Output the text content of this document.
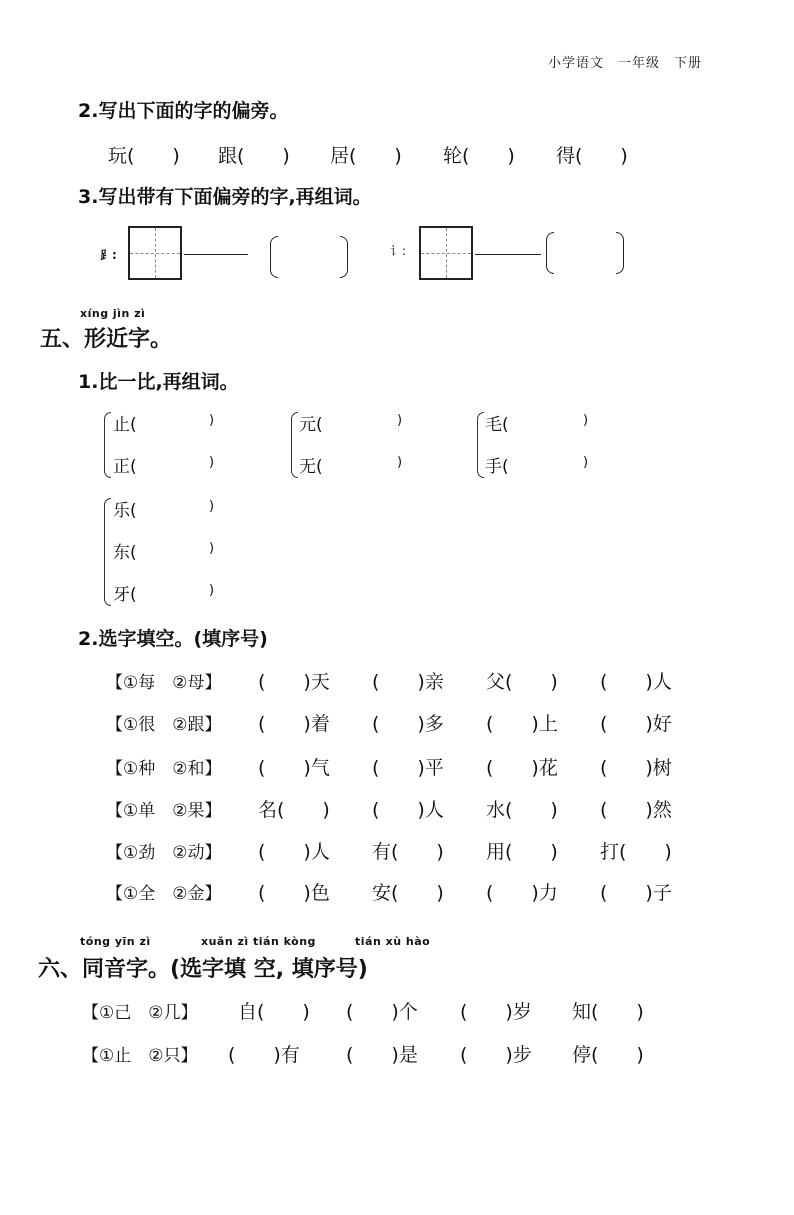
小学语文　一年级　下册
2.写出下面的字的偏旁。
玩(　　) 跟(　　) 居(　　) 轮(　　) 得(　　)
3.写出带有下面偏旁的字,再组词。
⻊:	讠:
xíng jìn zì
五、形近字。
1.比一比,再组词。
止(	)
正(	)
元(	)
无(	)
毛(	)
手(	)
乐(	)
东(	)
牙(	)
2.选字填空。(填序号)
【①每　②母】 (　　)天 (　　)亲 父(　　) (　　)人
【①很　②跟】 (　　)着 (　　)多 (　　)上 (　　)好
【①种　②和】 (　　)气 (　　)平 (　　)花 (　　)树
【①单　②果】 名(　　) (　　)人 水(　　) (　　)然
【①劲　②动】 (　　)人 有(　　) 用(　　) 打(　　)
【①全　②金】 (　　)色 安(　　) (　　)力 (　　)子
tóng yīn zì	xuǎn zì tián kòng	tián xù hào
六、同音字。(选字填 空, 填序号)
【①己　②几】 自(　　) (　　)个 (　　)岁 知(　　)
【①止　②只】 (　　)有 (　　)是 (　　)步 停(　　)
